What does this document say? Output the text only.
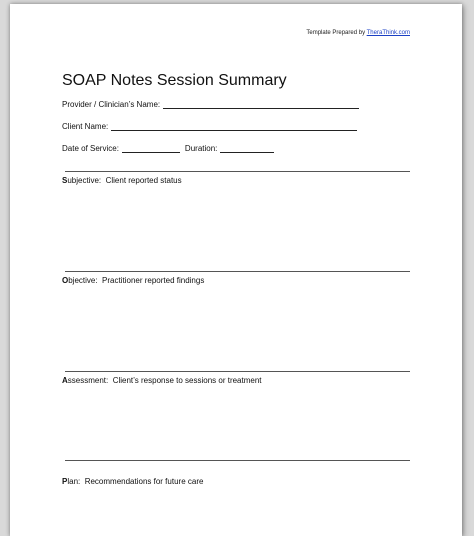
Template Prepared by TheraThink.com
SOAP Notes Session Summary
Provider / Clinician’s Name:
Client Name:
Date of Service:	Duration:
Subjective: Client reported status
Objective: Practitioner reported findings
Assessment: Client’s response to sessions or treatment
Plan: Recommendations for future care
